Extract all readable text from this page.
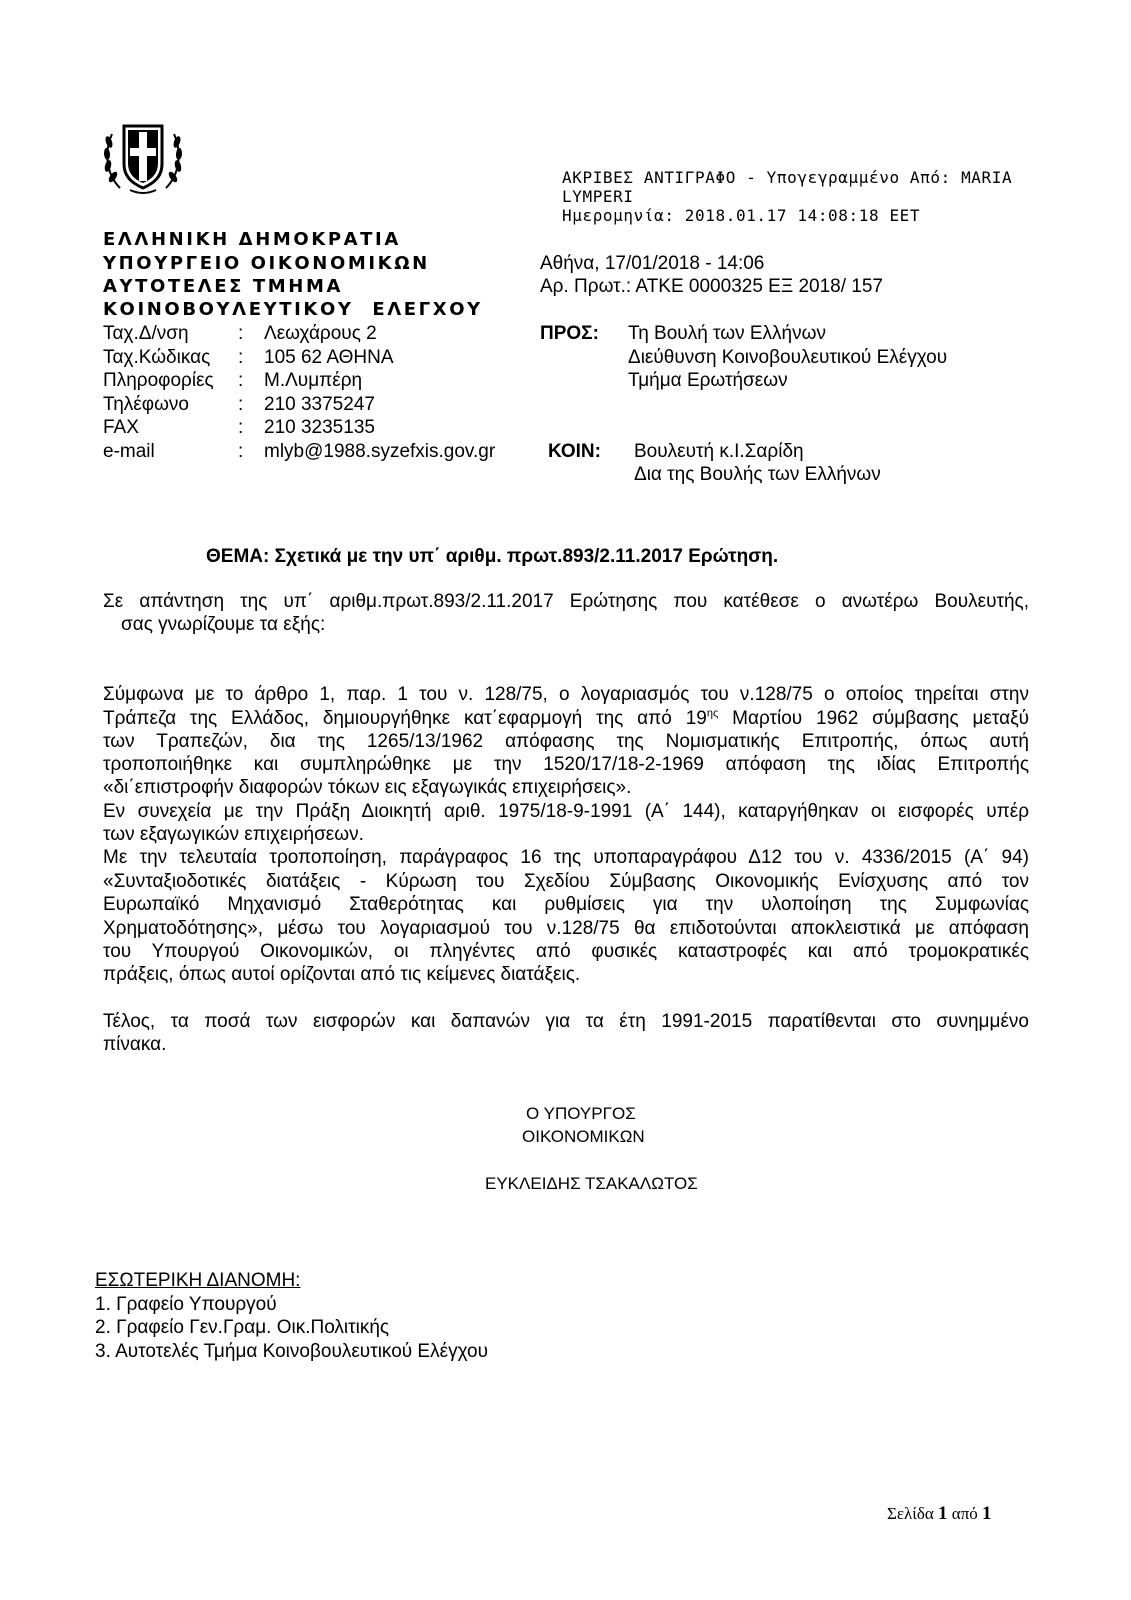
ΑΚΡΙΒΕΣ ΑΝΤΙΓΡΑΦΟ - Υπογεγραμμένο Από: MARIA
LYMPERI
Ημερομηνία: 2018.01.17 14:08:18 EET
ΕΛΛΗΝΙΚΗ ΔΗΜΟΚΡΑΤΙΑ
ΥΠΟΥΡΓΕΙΟ ΟΙΚΟΝΟΜΙΚΩΝ
ΑΥΤΟΤΕΛΕΣ ΤΜΗΜΑ
ΚΟΙΝΟΒΟΥΛΕΥΤΙΚΟΥ ΕΛΕΓΧΟΥ
Ταχ.Δ/νση	: Λεωχάρους 2
Ταχ.Κώδικας : 105 62 ΑΘΗΝΑ
Πληροφορίες : Μ.Λυμπέρη
Τηλέφωνο	: 210 3375247
FAX	: 210 3235135
e-mail	: mlyb@1988.syzefxis.gov.gr
Αθήνα, 17/01/2018 - 14:06
Αρ. Πρωτ.: ΑΤΚΕ 0000325 ΕΞ 2018/ 157
ΠΡΟΣ: Τη Βουλή των Ελλήνων
Διεύθυνση Κοινοβουλευτικού Ελέγχου
Τμήμα Ερωτήσεων
ΚΟΙΝ: Βουλευτή κ.Ι.Σαρίδη
Δια της Βουλής των Ελλήνων
ΘΕΜΑ: Σχετικά με την υπ΄ αριθμ. πρωτ.893/2.11.2017 Ερώτηση.
Σε απάντηση της υπ΄ αριθμ.πρωτ.893/2.11.2017 Ερώτησης που κατέθεσε ο ανωτέρω Βουλευτής,
σας γνωρίζουμε τα εξής:
Σύμφωνα με το άρθρο 1, παρ. 1 του ν. 128/75, ο λογαριασμός του ν.128/75 ο οποίος τηρείται στην
Τράπεζα της Ελλάδος, δημιουργήθηκε κατ΄εφαρμογή της από $19^{\eta\varsigma}$ Μαρτίου 1962 σύμβασης μεταξύ
των Τραπεζών, δια της 1265/13/1962 απόφασης της Νομισματικής Επιτροπής, όπως αυτή
τροποποιήθηκε και συμπληρώθηκε με την 1520/17/18-2-1969 απόφαση της ιδίας Επιτροπής
«δι΄επιστροφήν διαφορών τόκων εις εξαγωγικάς επιχειρήσεις».
Εν συνεχεία με την Πράξη Διοικητή αριθ. 1975/18-9-1991 (Α΄ 144), καταργήθηκαν οι εισφορές υπέρ
των εξαγωγικών επιχειρήσεων.
Με την τελευταία τροποποίηση, παράγραφος 16 της υποπαραγράφου Δ12 του ν. 4336/2015 (Α΄ 94)
«Συνταξιοδοτικές διατάξεις - Κύρωση του Σχεδίου Σύμβασης Οικονομικής Ενίσχυσης από τον
Ευρωπαϊκό Μηχανισμό Σταθερότητας και ρυθμίσεις για την υλοποίηση της Συμφωνίας
Χρηματοδότησης», μέσω του λογαριασμού του ν.128/75 θα επιδοτούνται αποκλειστικά με απόφαση
του Υπουργού Οικονομικών, οι πληγέντες από φυσικές καταστροφές και από τρομοκρατικές
πράξεις, όπως αυτοί ορίζονται από τις κείμενες διατάξεις.
Τέλος, τα ποσά των εισφορών και δαπανών για τα έτη 1991-2015 παρατίθενται στο συνημμένο
πίνακα.
Ο ΥΠΟΥΡΓΟΣ
ΟΙΚΟΝΟΜΙΚΩΝ
ΕΥΚΛΕΙΔΗΣ ΤΣΑΚΑΛΩΤΟΣ
ΕΣΩΤΕΡΙΚΗ ΔΙΑΝΟΜΗ:
1. Γραφείο Υπουργού
2. Γραφείο Γεν.Γραμ. Οικ.Πολιτικής
3. Αυτοτελές Τμήμα Κοινοβουλευτικού Ελέγχου
Σελίδα 1 από 1
